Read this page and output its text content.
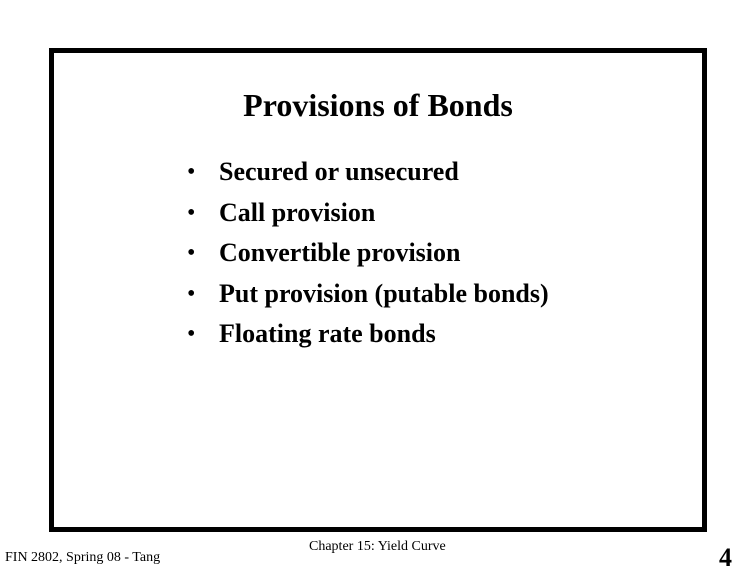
Provisions of Bonds
• Secured or unsecured
• Call provision
• Convertible provision
• Put provision (putable bonds)
• Floating rate bonds
FIN 2802, Spring 08 - Tang
Chapter 15: Yield Curve	4
